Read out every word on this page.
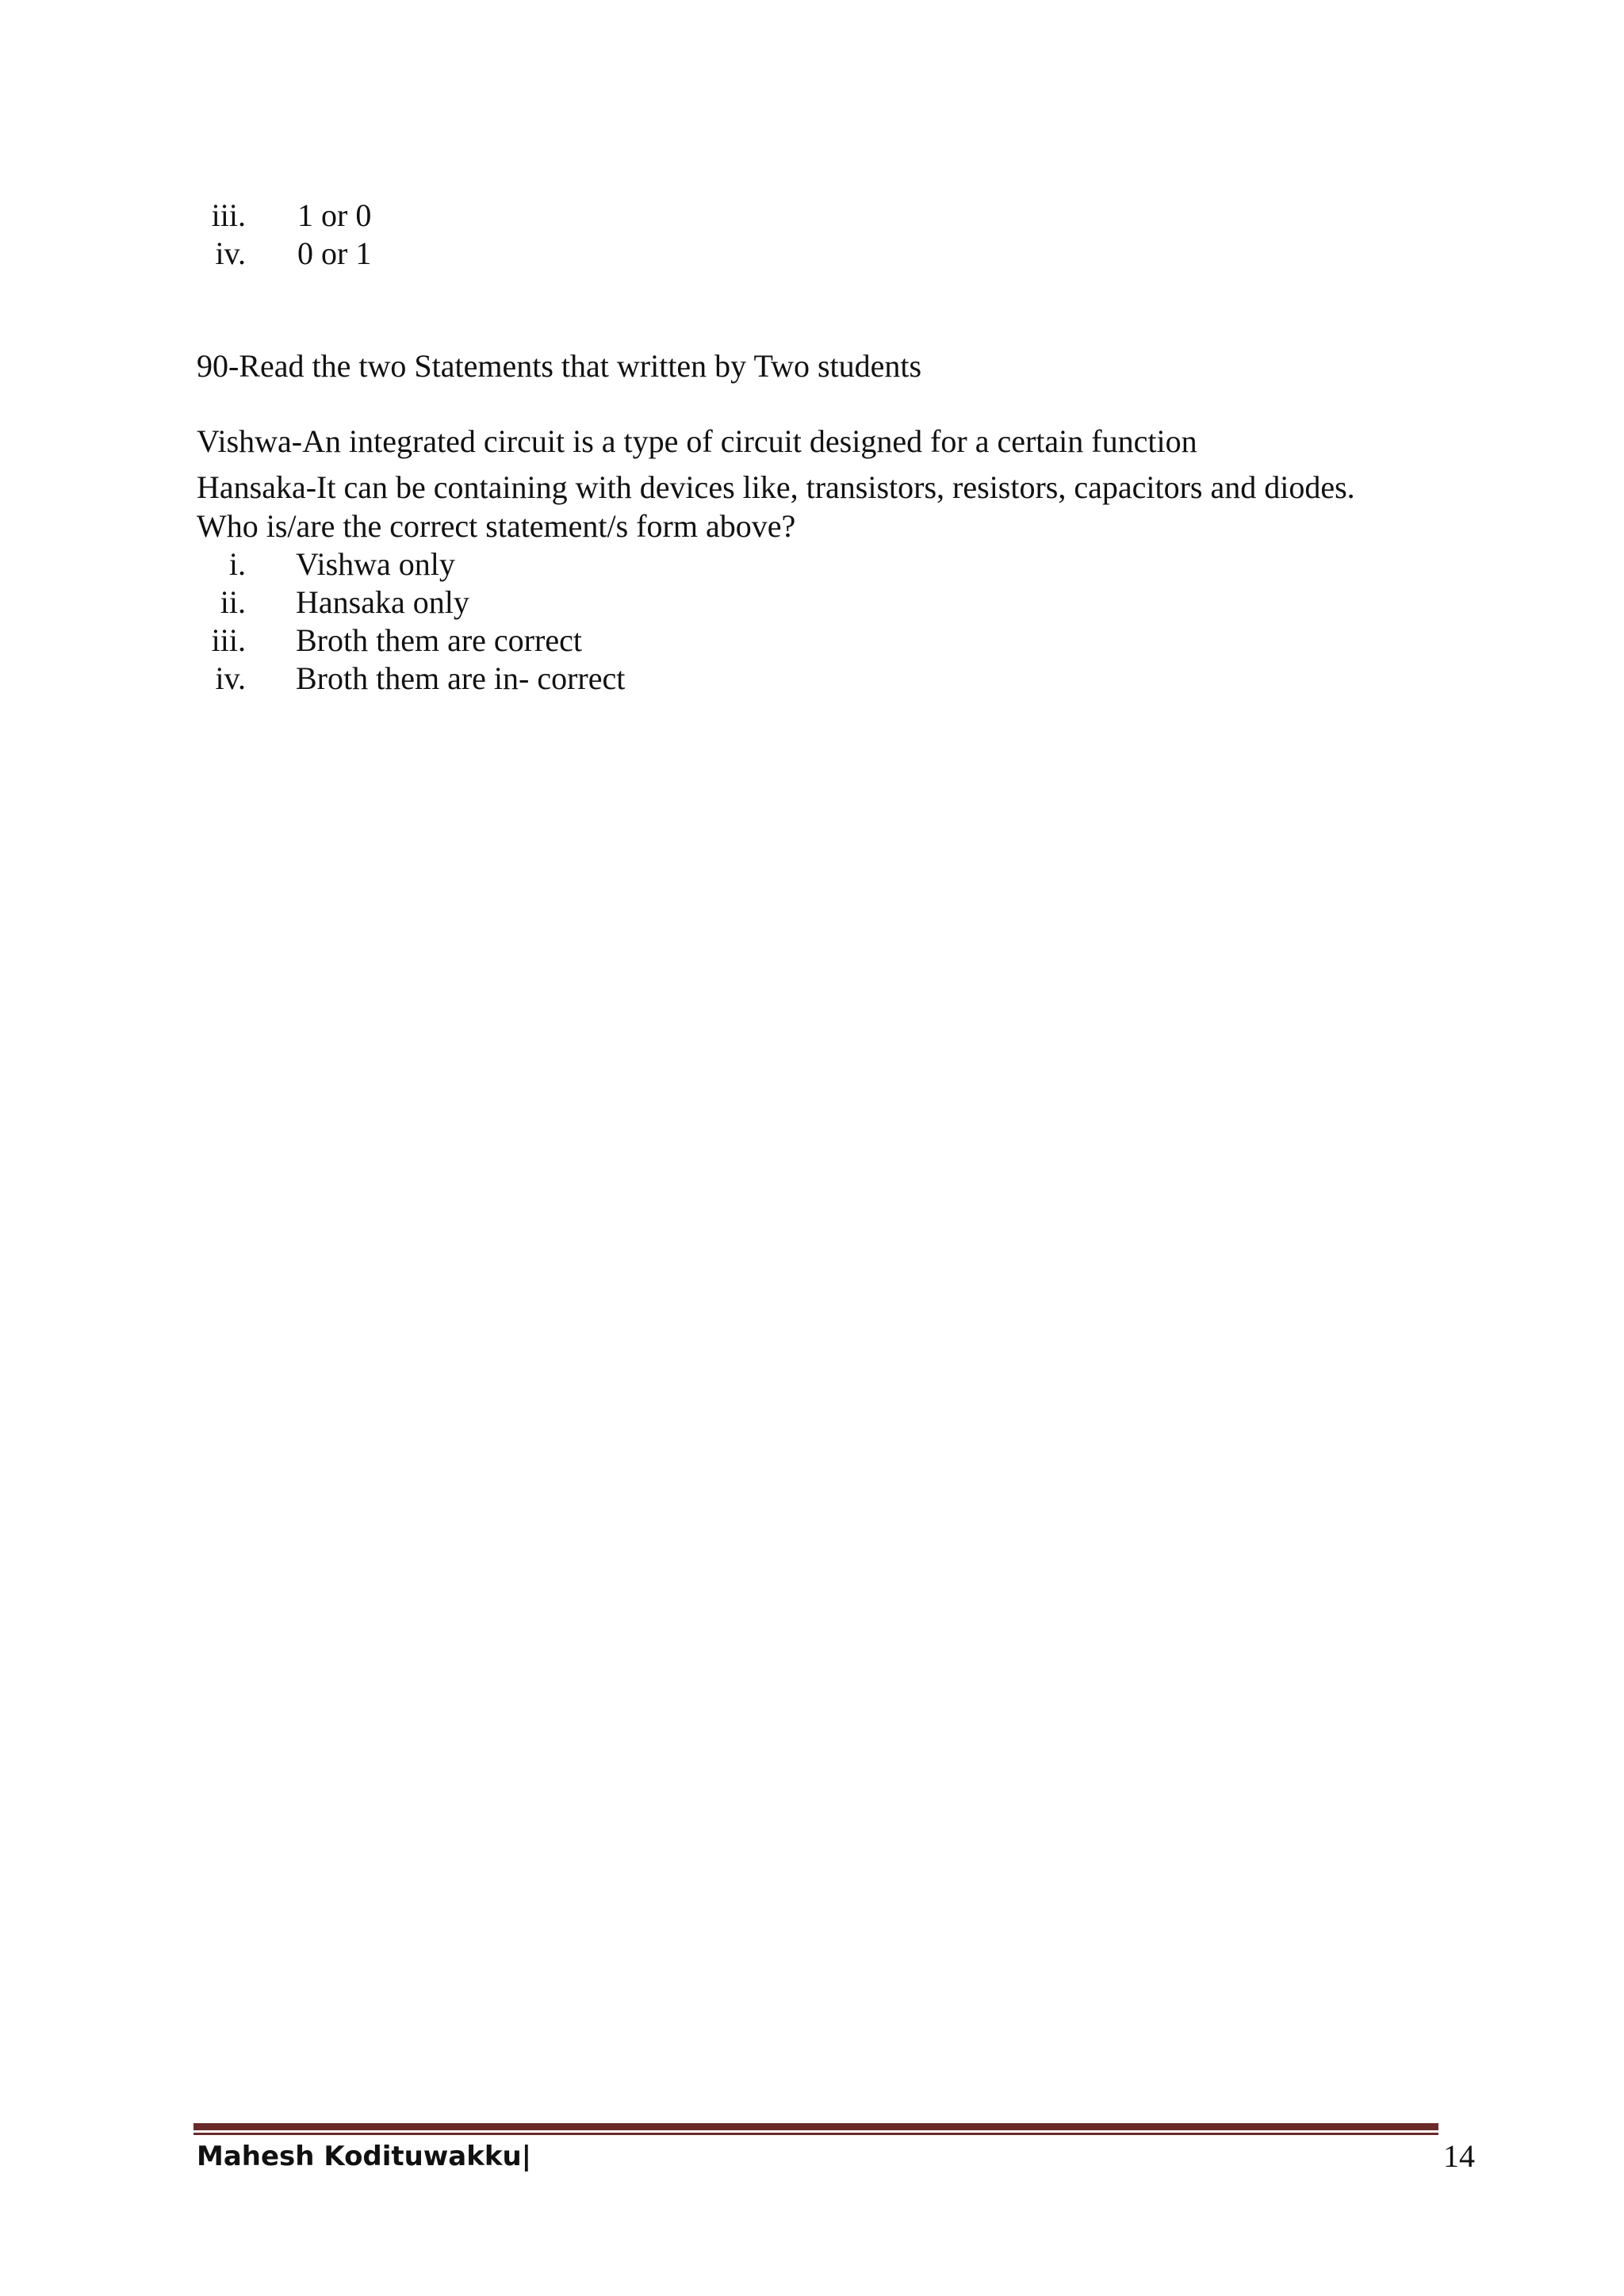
iii. 1 or 0
iv. 0 or 1
90-Read the two Statements that written by Two students
Vishwa-An integrated circuit is a type of circuit designed for a certain function
Hansaka-It can be containing with devices like, transistors, resistors, capacitors and diodes.
Who is/are the correct statement/s form above?
i. Vishwa only
ii. Hansaka only
iii. Broth them are correct
iv. Broth them are in- correct
Mahesh Kodituwakku|	14
